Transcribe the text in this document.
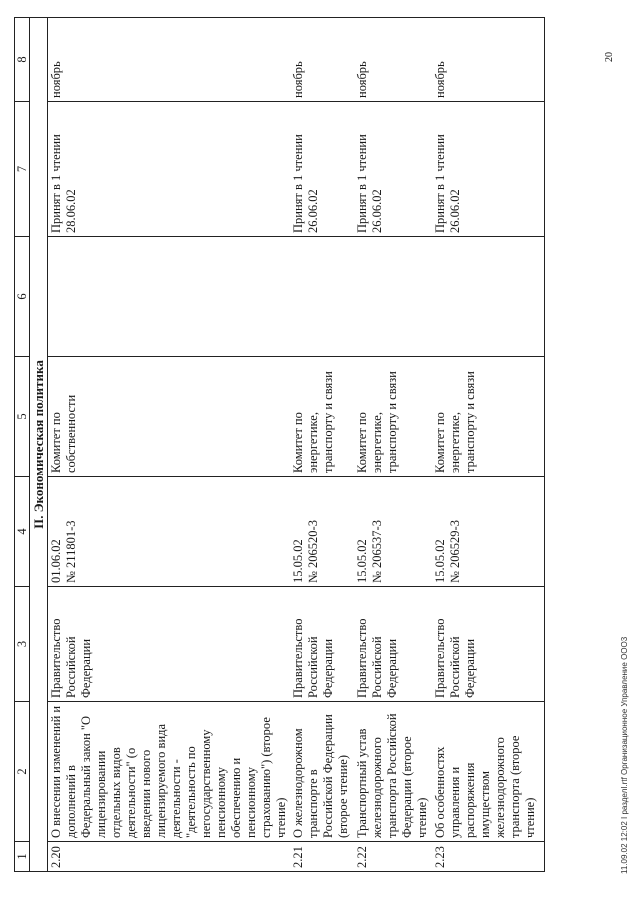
1	2	3	4	5	6	7	8
II. Экономическая политика							
2.20	О внесении изменений и дополнений в Федеральный закон "О лицензировании отдельных видов деятельности" (о введении нового лицензируемого вида деятельности - "деятельность по негосударственному пенсионному обеспечению и пенсионному страхованию") (второе чтение)	Правительство Российской Федерации	01.06.02 № 211801-3	Комитет по собственности		Принят в 1 чтении 28.06.02	ноябрь
2.21	О железнодорожном транспорте в Российской Федерации (второе чтение)	Правительство Российской Федерации	15.05.02 № 206520-3	Комитет по энергетике, транспорту и связи		Принят в 1 чтении 26.06.02	ноябрь
2.22	Транспортный устав железнодорожного транспорта Российской Федерации (второе чтение)	Правительство Российской Федерации	15.05.02 № 206537-3	Комитет по энергетике, транспорту и связи		Принят в 1 чтении 26.06.02	ноябрь
2.23	Об особенностях управления и распоряжения имуществом железнодорожного транспорта (второе чтение)	Правительство Российской Федерации	15.05.02 № 206529-3	Комитет по энергетике, транспорту и связи		Принят в 1 чтении 26.06.02	ноябрь
20
11.09.02 12:02 I разделI.rtf Организационное Управление ООО3
